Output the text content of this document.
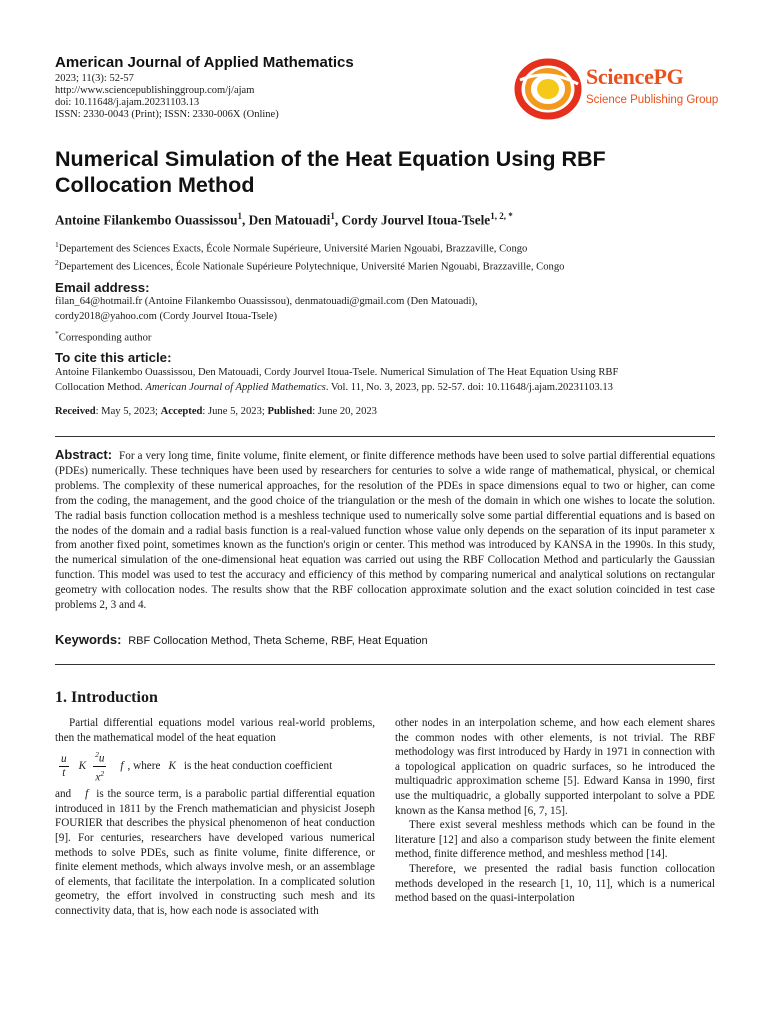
American Journal of Applied Mathematics
2023; 11(3): 52-57
http://www.sciencepublishinggroup.com/j/ajam
doi: 10.11648/j.ajam.20231103.13
ISSN: 2330-0043 (Print); ISSN: 2330-006X (Online)
SciencePG
Science Publishing Group
Numerical Simulation of the Heat Equation Using RBF Collocation Method
Antoine Filankembo Ouassissou$^1$, Den Matouadi$^1$, Cordy Jourvel Itoua-Tsele$^{1, 2, *}$
$^1$Departement des Sciences Exacts, École Normale Supérieure, Université Marien Ngouabi, Brazzaville, Congo
$^2$Departement des Licences, École Nationale Supérieure Polytechnique, Université Marien Ngouabi, Brazzaville, Congo
Email address:
filan_64@hotmail.fr (Antoine Filankembo Ouassissou), denmatouadi@gmail.com (Den Matouadi),
cordy2018@yahoo.com (Cordy Jourvel Itoua-Tsele)
*Corresponding author
To cite this article:
Antoine Filankembo Ouassissou, Den Matouadi, Cordy Jourvel Itoua-Tsele. Numerical Simulation of The Heat Equation Using RBF
Collocation Method. American Journal of Applied Mathematics. Vol. 11, No. 3, 2023, pp. 52-57. doi: 10.11648/j.ajam.20231103.13
Received: May 5, 2023; Accepted: June 5, 2023; Published: June 20, 2023
Abstract: For a very long time, finite volume, finite element, or finite difference methods have been used to solve partial differential equations (PDEs) numerically. These techniques have been used by researchers for centuries to solve a wide range of mathematical, physical, or chemical problems. The complexity of these numerical approaches, for the resolution of the PDEs in space dimensions equal to two or higher, can come from the coding, the management, and the good choice of the triangulation or the mesh of the domain in which one wishes to locate the solution. The radial basis function collocation method is a meshless technique used to numerically solve some partial differential equations and is based on the nodes of the domain and a radial basis function is a real-valued function whose value only depends on the separation of its input parameter x from another fixed point, sometimes known as the function's origin or center. This method was introduced by KANSA in the 1990s. In this study, the numerical simulation of the one-dimensional heat equation was carried out using the RBF Collocation Method and particularly the Gaussian function. This model was used to test the accuracy and efficiency of this method by comparing numerical and analytical solutions on rectangular geometry with collocation nodes. The results show that the RBF collocation approximate solution and the exact solution coincided in test case problems 2, 3 and 4.
Keywords: RBF Collocation Method, Theta Scheme, RBF, Heat Equation
1. Introduction

Partial differential equations model various real-world problems, then the mathematical model of the heat equation

$\frac{u}{t}$ K $\frac{^2u}{x^2}$ f , where K is the heat conduction coefficient

and f is the source term, is a parabolic partial differential equation introduced in 1811 by the French mathematician and physicist Joseph FOURIER that describes the physical phenomenon of heat conduction [9]. For centuries, researchers have developed various numerical methods to solve PDEs, such as finite volume, finite difference, or finite element methods, which always involve mesh, or an assemblage of elements, that facilitate the interpolation. In a complicated solution geometry, the effort involved in constructing such mesh and its connectivity data, that is, how each node is associated with

other nodes in an interpolation scheme, and how each element shares the common nodes with other elements, is not trivial. The RBF methodology was first introduced by Hardy in 1971 in connection with a topological application on quadric surfaces, so he introduced the multiquadric approximation scheme [5]. Edward Kansa in 1990, first use the multiquadric, a globally supported interpolant to solve a PDE known as the Kansa method [6, 7, 15].

There exist several meshless methods which can be found in the literature [12] and also a comparison study between the finite element method, finite difference method, and meshless method [14].

Therefore, we presented the radial basis function collocation methods developed in the research [1, 10, 11], which is a numerical method based on the quasi-interpolation
